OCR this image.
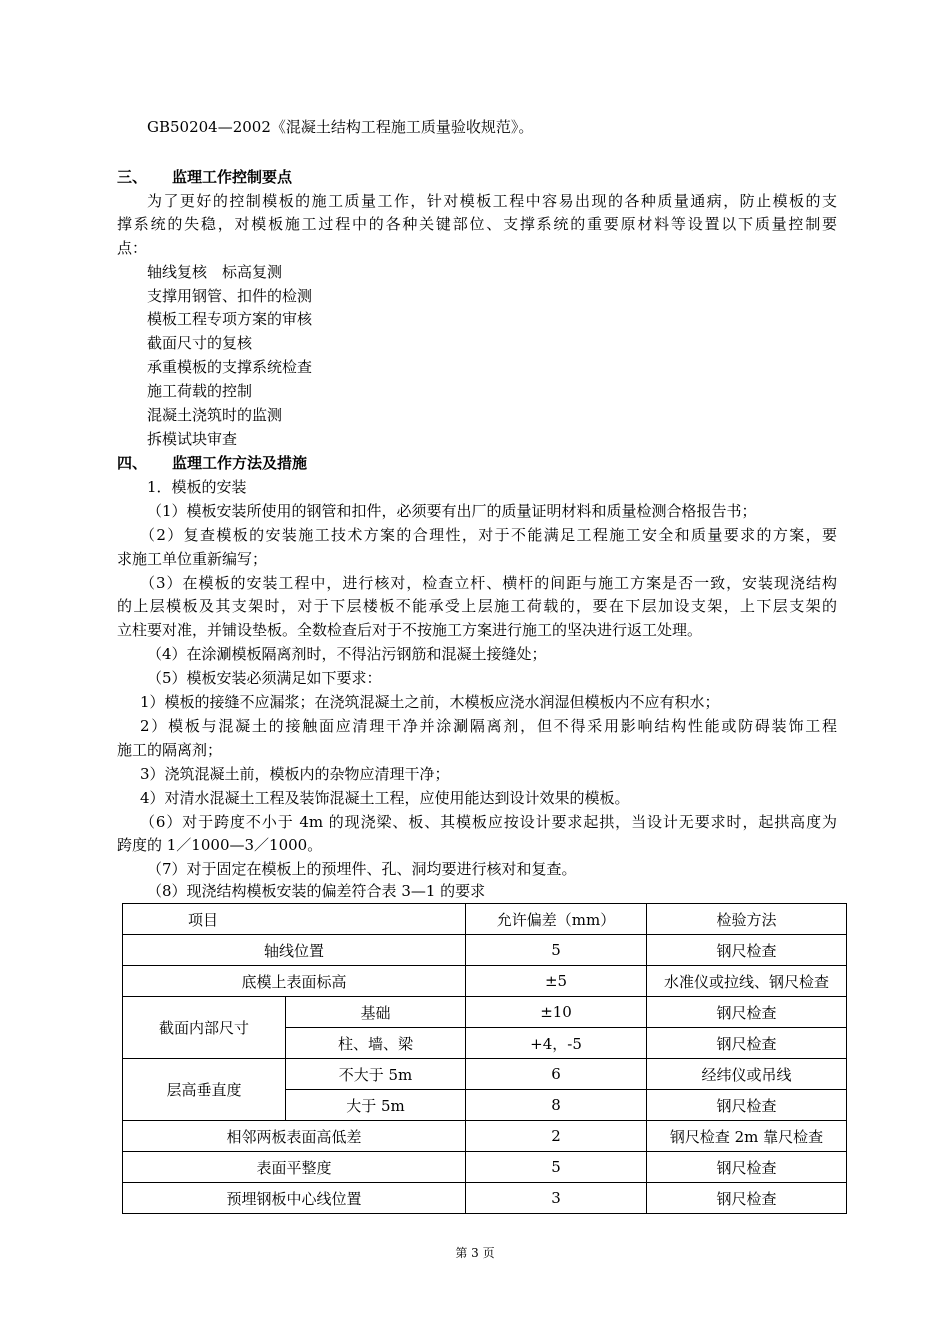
GB50204—2002《混凝土结构工程施工质量验收规范》。
三、 监理工作控制要点
为了更好的控制模板的施工质量工作，针对模板工程中容易出现的各种质量通病，防止模板的支
撑系统的失稳，对模板施工过程中的各种关键部位、支撑系统的重要原材料等设置以下质量控制要
点：
轴线复核　标高复测
支撑用钢管、扣件的检测
模板工程专项方案的审核
截面尺寸的复核
承重模板的支撑系统检查
施工荷载的控制
混凝土浇筑时的监测
拆模试块审查
四、 监理工作方法及措施
1．模板的安装
（1）模板安装所使用的钢管和扣件，必须要有出厂的质量证明材料和质量检测合格报告书；
（2）复查模板的安装施工技术方案的合理性，对于不能满足工程施工安全和质量要求的方案，要
求施工单位重新编写；
（3）在模板的安装工程中，进行核对，检查立杆、横杆的间距与施工方案是否一致，安装现浇结构
的上层模板及其支架时，对于下层楼板不能承受上层施工荷载的，要在下层加设支架，上下层支架的
立柱要对准，并铺设垫板。全数检查后对于不按施工方案进行施工的坚决进行返工处理。
（4）在涂涮模板隔离剂时，不得沾污钢筋和混凝土接缝处；
（5）模板安装必须满足如下要求：
1）模板的接缝不应漏浆；在浇筑混凝土之前，木模板应浇水润湿但模板内不应有积水；
2）模板与混凝土的接触面应清理干净并涂涮隔离剂，但不得采用影响结构性能或防碍装饰工程
施工的隔离剂；
3）浇筑混凝土前，模板内的杂物应清理干净；
4）对清水混凝土工程及装饰混凝土工程，应使用能达到设计效果的模板。
（6）对于跨度不小于 4m 的现浇梁、板、其模板应按设计要求起拱，当设计无要求时，起拱高度为
跨度的 1／1000—3／1000。
（7）对于固定在模板上的预埋件、孔、洞均要进行核对和复查。
（8）现浇结构模板安装的偏差符合表 3—1 的要求
项目		允许偏差（mm）	检验方法
轴线位置		5	钢尺检查
底模上表面标高		±5	水准仪或拉线、钢尺检查
截面内部尺寸	基础	±10	钢尺检查
	柱、墙、梁	+4，-5	钢尺检查
层高垂直度	不大于 5m	6	经纬仪或吊线
	大于 5m	8	钢尺检查
相邻两板表面高低差		2	钢尺检查 2m 靠尺检查
表面平整度		5	钢尺检查
预埋钢板中心线位置		3	钢尺检查
第 3 页
